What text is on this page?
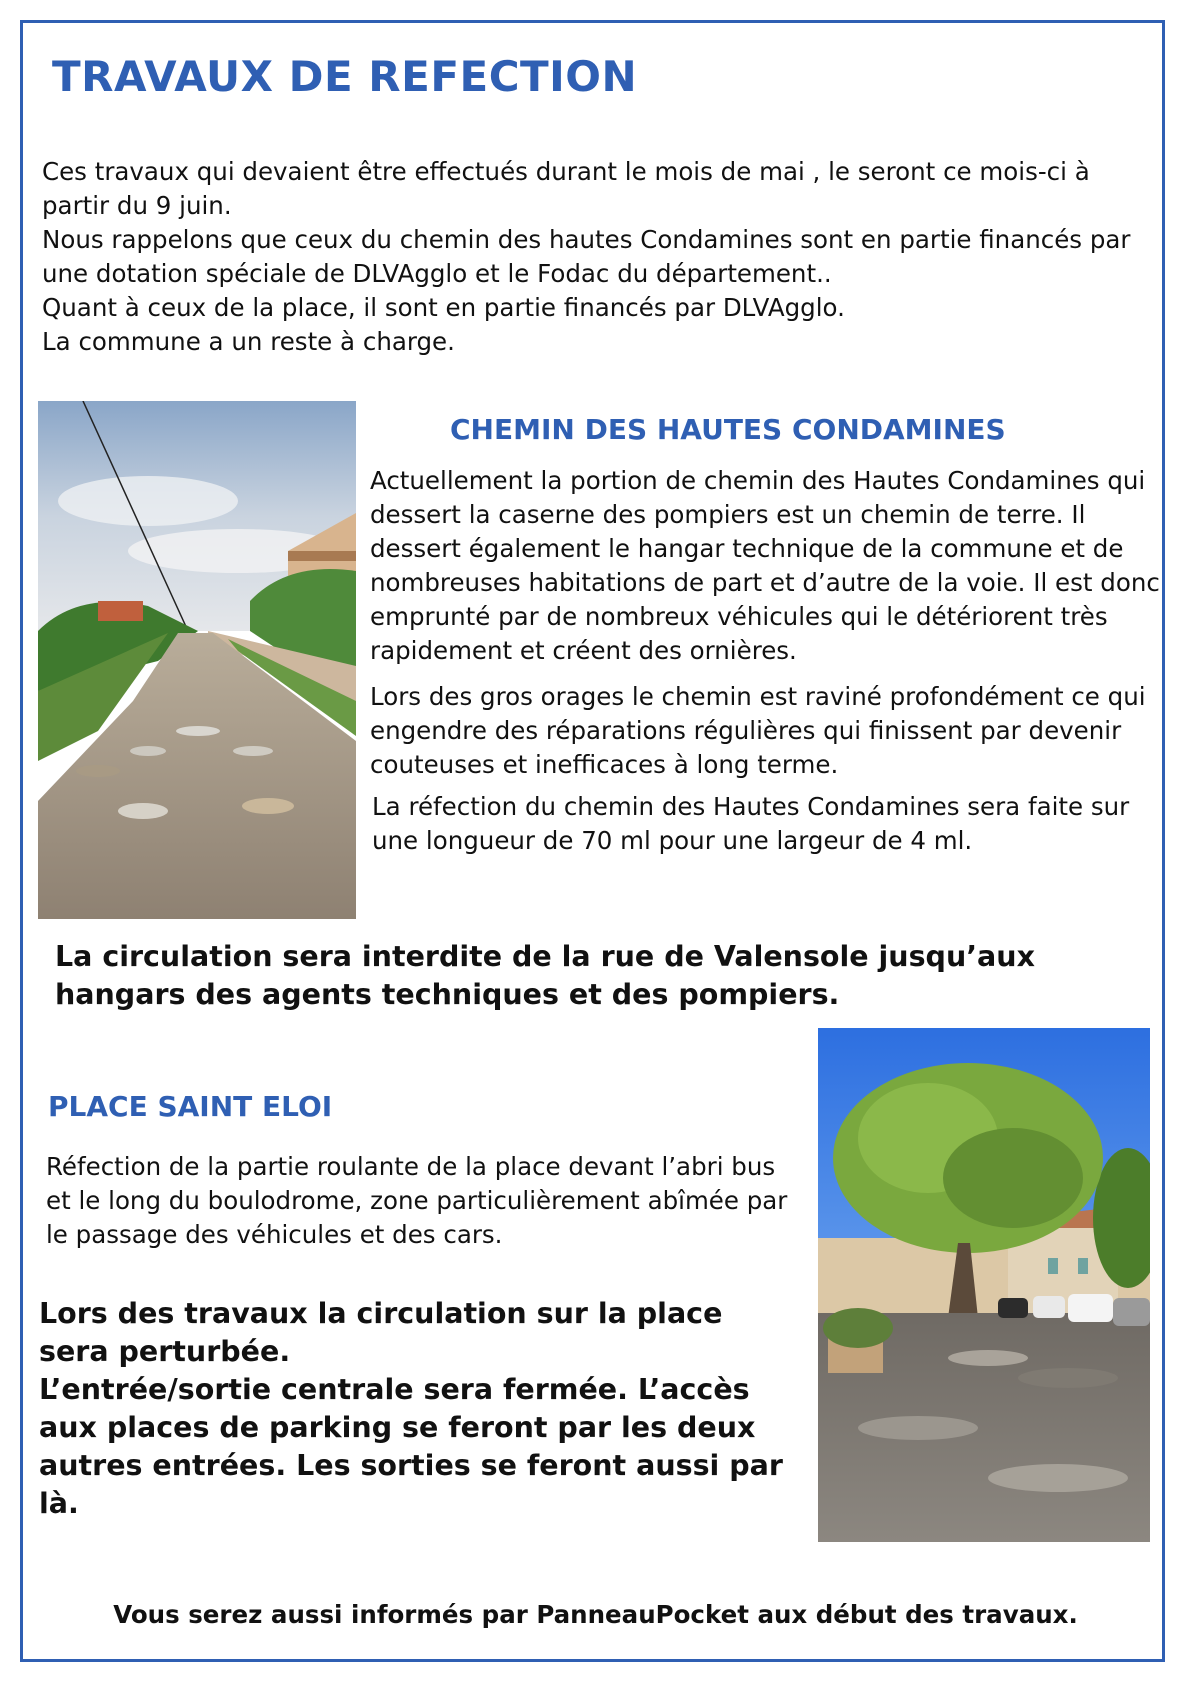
TRAVAUX DE REFECTION

Ces travaux qui devaient être effectués durant le mois de mai , le seront ce mois-ci à partir du 9 juin.

Nous rappelons que ceux du chemin des hautes Condamines sont en partie financés par une dotation spéciale de DLVAgglo et le Fodac du département..

Quant à ceux de la place, il sont en partie financés par DLVAgglo.

La commune a un reste à charge.

CHEMIN DES HAUTES CONDAMINES

Actuellement la portion de chemin des Hautes Condamines qui dessert la caserne des pompiers est un chemin de terre. Il dessert également le hangar technique de la commune et de nombreuses habitations de part et d’autre de la voie. Il est donc emprunté par de nombreux véhicules qui le détériorent très rapidement et créent des ornières.

Lors des gros orages le chemin est raviné profondément ce qui engendre des réparations régulières qui finissent par devenir couteuses et inefficaces à long terme.

La réfection du chemin des Hautes Condamines sera faite sur une longueur de 70 ml pour une largeur de 4 ml.

La circulation sera interdite de la rue de Valensole jusqu’aux hangars des agents techniques et des pompiers.
PLACE SAINT ELOI

Réfection de la partie roulante de la place devant l’abri bus et le long du boulodrome, zone particulièrement abîmée par le passage des véhicules et des cars.

Lors des travaux la circulation sur la place sera perturbée.

L’entrée/sortie centrale sera fermée. L’accès aux places de parking se feront par les deux autres entrées. Les sorties se feront aussi par là.

Vous serez aussi informés par PanneauPocket aux début des travaux.
